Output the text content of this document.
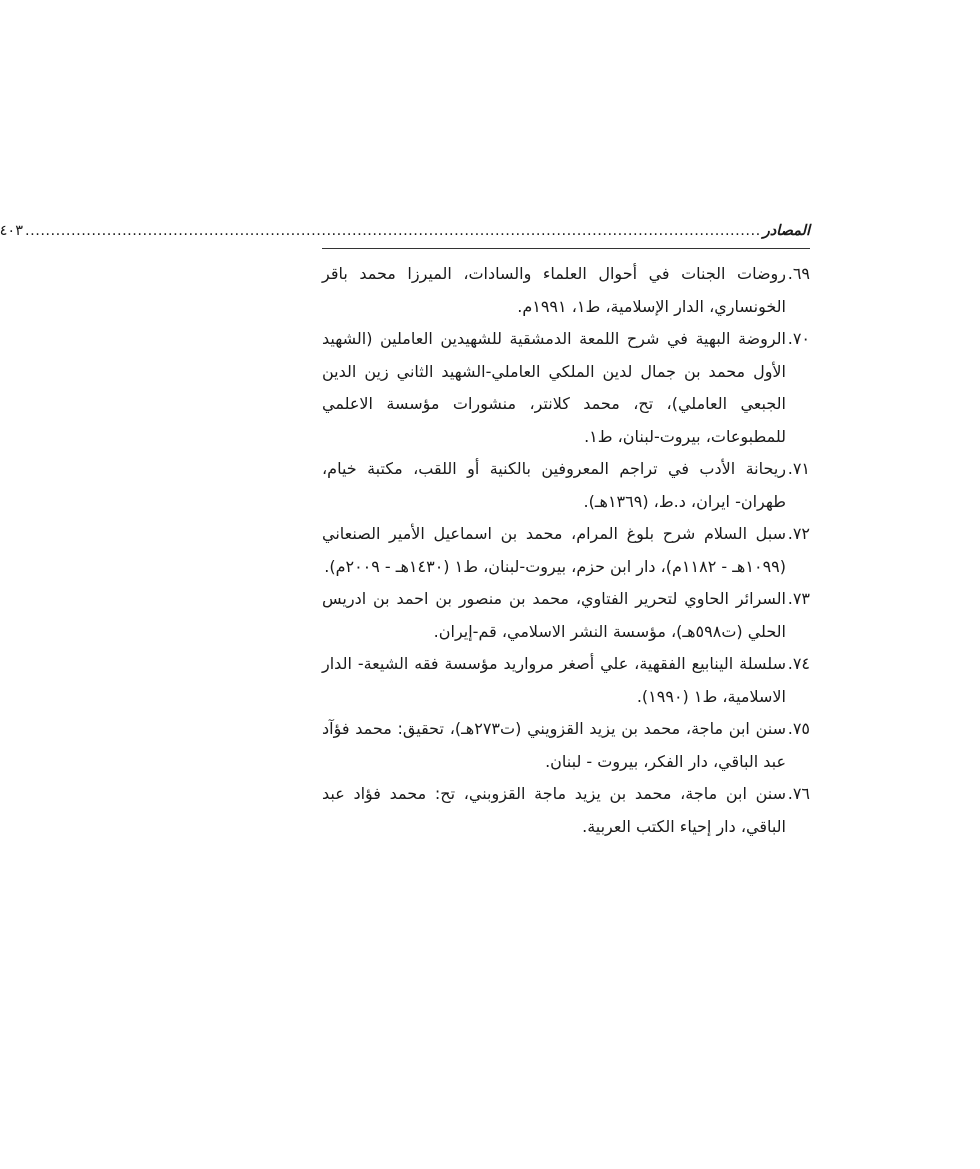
المصادر
................................................................................................................................................
٤٠٣
٦٩.روضات الجنات في أحوال العلماء والسادات، الميرزا محمد باقر الخونساري، الدار الإسلامية، ط١، ١٩٩١م.
٧٠.الروضة البهية في شرح اللمعة الدمشقية للشهيدين العاملين (الشهيد الأول محمد بن جمال لدين الملكي العاملي-الشهيد الثاني زين الدين الجبعي العاملي)، تح، محمد كلانتر، منشورات مؤسسة الاعلمي للمطبوعات، بيروت-لبنان، ط١.
٧١.ريحانة الأدب في تراجم المعروفين بالكنية أو اللقب، مكتبة خيام، طهران- ايران، د.ط، (١٣٦٩هـ).
٧٢.سبل السلام شرح بلوغ المرام، محمد بن اسماعيل الأمير الصنعاني (١٠٩٩هـ - ١١٨٢م)، دار ابن حزم، بيروت-لبنان، ط١ (١٤٣٠هـ - ٢٠٠٩م).
٧٣.السرائر الحاوي لتحرير الفتاوي، محمد بن منصور بن احمد بن ادريس الحلي (ت٥٩٨هـ)، مؤسسة النشر الاسلامي، قم-إيران.
٧٤.سلسلة الينابيع الفقهية، علي أصغر مرواريد مؤسسة فقه الشيعة- الدار الاسلامية، ط١ (١٩٩٠).
٧٥.سنن ابن ماجة، محمد بن يزيد القزويني (ت٢٧٣هـ)، تحقيق: محمد فؤآد عبد الباقي، دار الفكر، بيروت - لبنان.
٧٦.سنن ابن ماجة، محمد بن يزيد ماجة القزوبني، تح: محمد فؤاد عبد الباقي، دار إحياء الكتب العربية.
